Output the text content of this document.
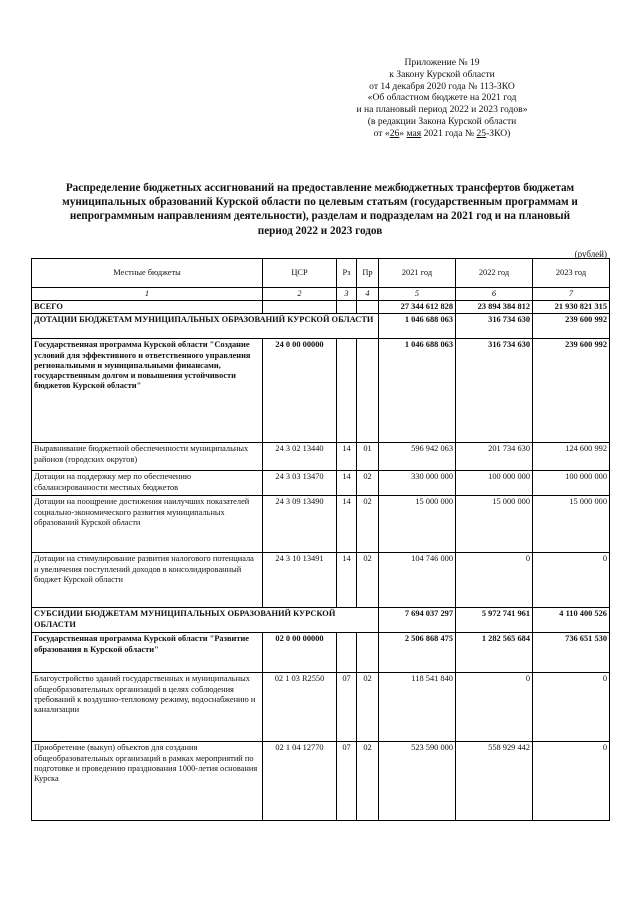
Приложение № 19
к Закону Курской области
от 14 декабря 2020 года № 113-ЗКО
«Об областном бюджете на 2021 год
и на плановый период 2022 и 2023 годов»
(в редакции Закона Курской области
от «26» мая 2021 года № 25-ЗКО)
Распределение бюджетных ассигнований на предоставление межбюджетных трансфертов бюджетам
муниципальных образований Курской области по целевым статьям (государственным программам и
непрограммным направлениям деятельности), разделам и подразделам на 2021 год и на плановый
период 2022 и 2023 годов
(рублей)
Местные бюджеты	ЦСР	Рз	Пр	2021 год	2022 год	2023 год
1	2	3	4	5	6	7
ВСЕГО				27 344 612 828	23 894 384 812	21 930 821 315
ДОТАЦИИ БЮДЖЕТАМ МУНИЦИПАЛЬНЫХ ОБРАЗОВАНИЙ КУРСКОЙ ОБЛАСТИ				1 046 688 063	316 734 630	239 600 992
Государственная программа Курской области "Создание условий для эффективного и ответственного управления региональными и муниципальными финансами, государственным долгом и повышения устойчивости бюджетов Курской области"	24 0 00 00000			1 046 688 063	316 734 630	239 600 992
Выравнивание бюджетной обеспеченности муниципальных районов (городских округов)	24 3 02 13440	14	01	596 942 063	201 734 630	124 600 992
Дотации на поддержку мер по обеспечению сбалансированности местных бюджетов	24 3 03 13470	14	02	330 000 000	100 000 000	100 000 000
Дотации на поощрение достижения наилучших показателей социально-экономического развития муниципальных образований Курской области	24 3 09 13490	14	02	15 000 000	15 000 000	15 000 000
Дотации на стимулирование развития налогового потенциала и увеличения поступлений доходов в консолидированный бюджет Курской области	24 3 10 13491	14	02	104 746 000	0	0
СУБСИДИИ БЮДЖЕТАМ МУНИЦИПАЛЬНЫХ ОБРАЗОВАНИЙ КУРСКОЙ ОБЛАСТИ				7 694 037 297	5 972 741 961	4 110 400 526
Государственная программа Курской области "Развитие образования в Курской области"	02 0 00 00000			2 506 868 475	1 282 565 684	736 651 530
Благоустройство зданий государственных и муниципальных общеобразовательных организаций в целях соблюдения требований к воздушно-тепловому режиму, водоснабжению и канализации	02 1 03 R2550	07	02	118 541 840	0	0
Приобретение (выкуп) объектов для создания общеобразовательных организаций в рамках мероприятий по подготовке и проведению празднования 1000-летия основания Курска	02 1 04 12770	07	02	523 590 000	558 929 442	0
